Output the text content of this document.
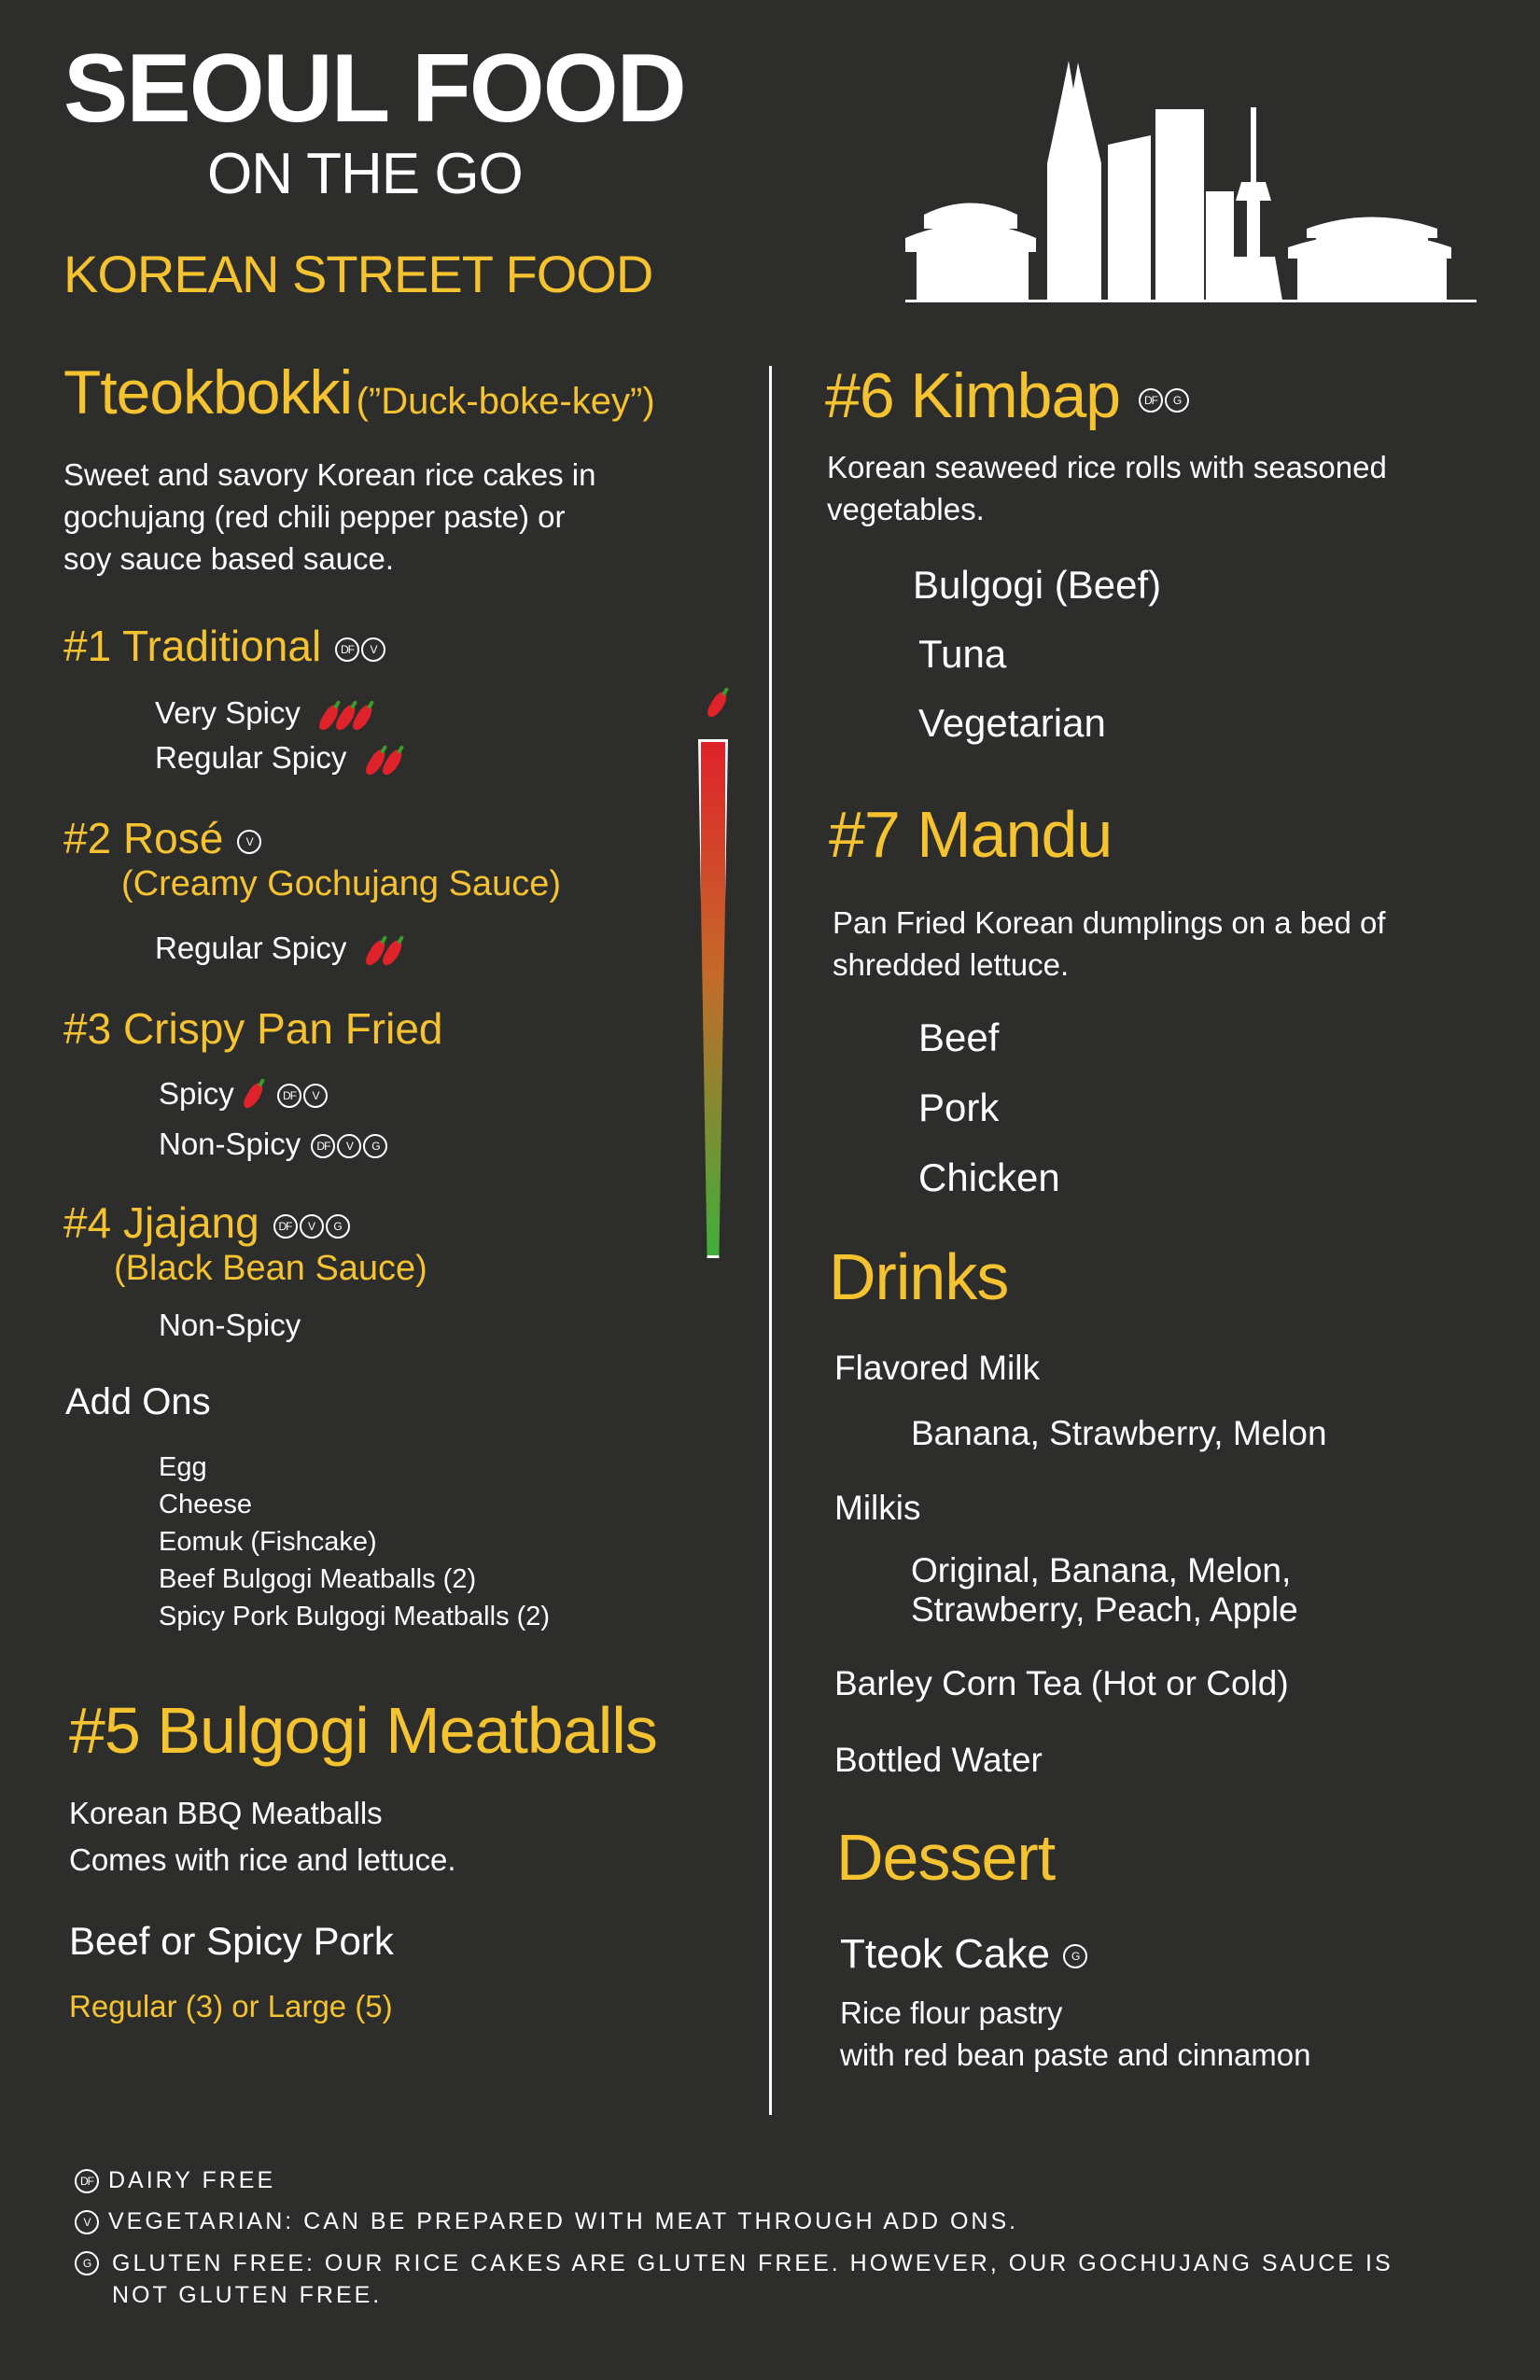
SEOUL FOOD
ON THE GO
KOREAN STREET FOOD
Tteokbokki (”Duck-boke-key”)
Sweet and savory Korean rice cakes in
gochujang (red chili pepper paste) or
soy sauce based sauce.
#1 Traditional DF V
Very Spicy
Regular Spicy
#2 Rosé V
(Creamy Gochujang Sauce)
Regular Spicy
#3 Crispy Pan Fried
Spicy	DF V
Non-Spicy DF V G
#4 Jjajang DF V G
(Black Bean Sauce)
Non-Spicy
Add Ons
Egg
Cheese
Eomuk (Fishcake)
Beef Bulgogi Meatballs (2)
Spicy Pork Bulgogi Meatballs (2)
#5 Bulgogi Meatballs
Korean BBQ Meatballs
Comes with rice and lettuce.
Beef or Spicy Pork
Regular (3) or Large (5)
#6 Kimbap DF G
Korean seaweed rice rolls with seasoned
vegetables.
Bulgogi (Beef)
Tuna
Vegetarian
#7 Mandu
Pan Fried Korean dumplings on a bed of
shredded lettuce.
Beef
Pork
Chicken
Drinks
Flavored Milk
Banana, Strawberry, Melon
Milkis
Original, Banana, Melon,
Strawberry, Peach, Apple
Barley Corn Tea (Hot or Cold)
Bottled Water
Dessert
Tteok Cake G
Rice flour pastry
with red bean paste and cinnamon
DF DAIRY FREE
V VEGETARIAN: CAN BE PREPARED WITH MEAT THROUGH ADD ONS.
G GLUTEN FREE: OUR RICE CAKES ARE GLUTEN FREE. HOWEVER, OUR GOCHUJANG SAUCE IS
NOT GLUTEN FREE.
